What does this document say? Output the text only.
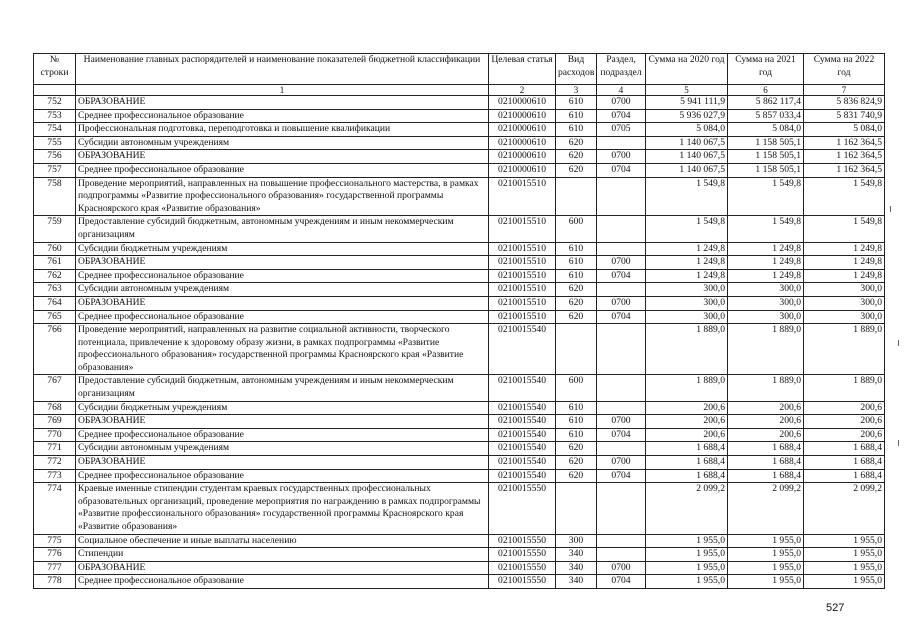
№ строки	Наименование главных распорядителей и наименование показателей бюджетной классификации	Целевая статья	Вид расходов	Раздел, подраздел	Сумма на 2020 год	Сумма на 2021 год	Сумма на 2022 год
	1	2	3	4	5	6	7
752	ОБРАЗОВАНИЕ	0210000610	610	0700	5 941 111,9	5 862 117,4	5 836 824,9
753	Среднее профессиональное образование	0210000610	610	0704	5 936 027,9	5 857 033,4	5 831 740,9
754	Профессиональная подготовка, переподготовка и повышение квалификации	0210000610	610	0705	5 084,0	5 084,0	5 084,0
755	Субсидии автономным учреждениям	0210000610	620		1 140 067,5	1 158 505,1	1 162 364,5
756	ОБРАЗОВАНИЕ	0210000610	620	0700	1 140 067,5	1 158 505,1	1 162 364,5
757	Среднее профессиональное образование	0210000610	620	0704	1 140 067,5	1 158 505,1	1 162 364,5
758	Проведение мероприятий, направленных на повышение профессионального мастерства, в рамках подпрограммы «Развитие профессионального образования» государственной программы Красноярского края «Развитие образования»	0210015510			1 549,8	1 549,8	1 549,8
759	Предоставление субсидий бюджетным, автономным учреждениям и иным некоммерческим организациям	0210015510	600		1 549,8	1 549,8	1 549,8
760	Субсидии бюджетным учреждениям	0210015510	610		1 249,8	1 249,8	1 249,8
761	ОБРАЗОВАНИЕ	0210015510	610	0700	1 249,8	1 249,8	1 249,8
762	Среднее профессиональное образование	0210015510	610	0704	1 249,8	1 249,8	1 249,8
763	Субсидии автономным учреждениям	0210015510	620		300,0	300,0	300,0
764	ОБРАЗОВАНИЕ	0210015510	620	0700	300,0	300,0	300,0
765	Среднее профессиональное образование	0210015510	620	0704	300,0	300,0	300,0
766	Проведение мероприятий, направленных на развитие социальной активности, творческого потенциала, привлечение к здоровому образу жизни, в рамках подпрограммы «Развитие профессионального образования» государственной программы Красноярского края «Развитие образования»	0210015540			1 889,0	1 889,0	1 889,0
767	Предоставление субсидий бюджетным, автономным учреждениям и иным некоммерческим организациям	0210015540	600		1 889,0	1 889,0	1 889,0
768	Субсидии бюджетным учреждениям	0210015540	610		200,6	200,6	200,6
769	ОБРАЗОВАНИЕ	0210015540	610	0700	200,6	200,6	200,6
770	Среднее профессиональное образование	0210015540	610	0704	200,6	200,6	200,6
771	Субсидии автономным учреждениям	0210015540	620		1 688,4	1 688,4	1 688,4
772	ОБРАЗОВАНИЕ	0210015540	620	0700	1 688,4	1 688,4	1 688,4
773	Среднее профессиональное образование	0210015540	620	0704	1 688,4	1 688,4	1 688,4
774	Краевые именные стипендии студентам краевых государственных профессиональных образовательных организаций, проведение мероприятия по награждению в рамках подпрограммы «Развитие профессионального образования» государственной программы Красноярского края «Развитие образования»	0210015550			2 099,2	2 099,2	2 099,2
775	Социальное обеспечение и иные выплаты населению	0210015550	300		1 955,0	1 955,0	1 955,0
776	Стипендии	0210015550	340		1 955,0	1 955,0	1 955,0
777	ОБРАЗОВАНИЕ	0210015550	340	0700	1 955,0	1 955,0	1 955,0
778	Среднее профессиональное образование	0210015550	340	0704	1 955,0	1 955,0	1 955,0
527
